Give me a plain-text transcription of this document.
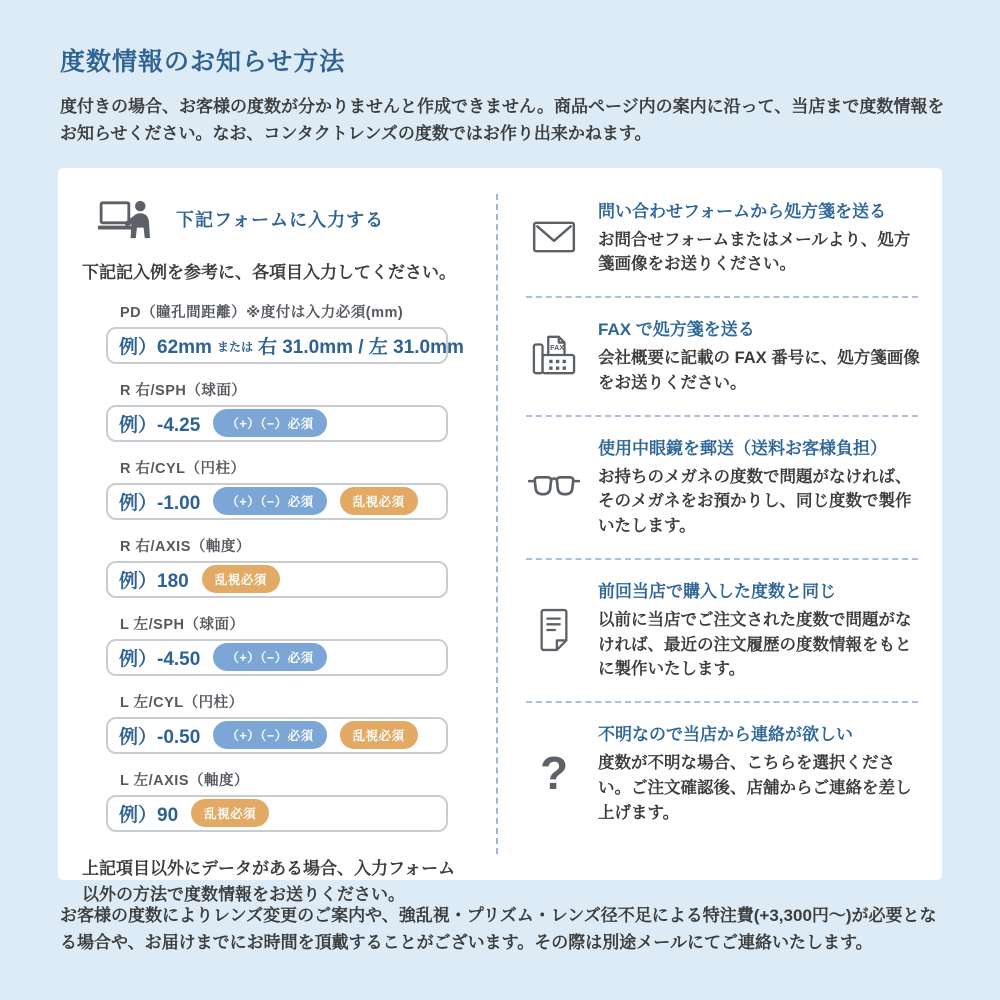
度数情報のお知らせ方法

度付きの場合、お客様の度数が分かりませんと作成できません。商品ページ内の案内に沿って、当店まで度数情報をお知らせください。なお、コンタクトレンズの度数ではお作り出来かねます。

下記フォームに入力する

下記記入例を参考に、各項目入力してください。

PD（瞳孔間距離）※度付は入力必須(mm)
例）62mm または 右 31.0mm / 左 31.0mm
R 右/SPH（球面）
例）-4.25	（+）（−）必須
R 右/CYL（円柱）
例）-1.00	（+）（−）必須	乱視必須
R 右/AXIS（軸度）
例）180	乱視必須
L 左/SPH（球面）
例）-4.50	（+）（−）必須
L 左/CYL（円柱）
例）-0.50	（+）（−）必須	乱視必須
L 左/AXIS（軸度）
例）90	乱視必須

上記項目以外にデータがある場合、入力フォーム以外の方法で度数情報をお送りください。

問い合わせフォームから処方箋を送る
お問合せフォームまたはメールより、処方箋画像をお送りください。
FAX
FAX で処方箋を送る
会社概要に記載の FAX 番号に、処方箋画像をお送りください。
使用中眼鏡を郵送（送料お客様負担）
お持ちのメガネの度数で問題がなければ、そのメガネをお預かりし、同じ度数で製作いたします。
前回当店で購入した度数と同じ
以前に当店でご注文された度数で問題がなければ、最近の注文履歴の度数情報をもとに製作いたします。
?
不明なので当店から連絡が欲しい
度数が不明な場合、こちらを選択ください。ご注文確認後、店舗からご連絡を差し上げます。

お客様の度数によりレンズ変更のご案内や、強乱視・プリズム・レンズ径不足による特注費(+3,300円〜)が必要となる場合や、お届けまでにお時間を頂戴することがございます。その際は別途メールにてご連絡いたします。
